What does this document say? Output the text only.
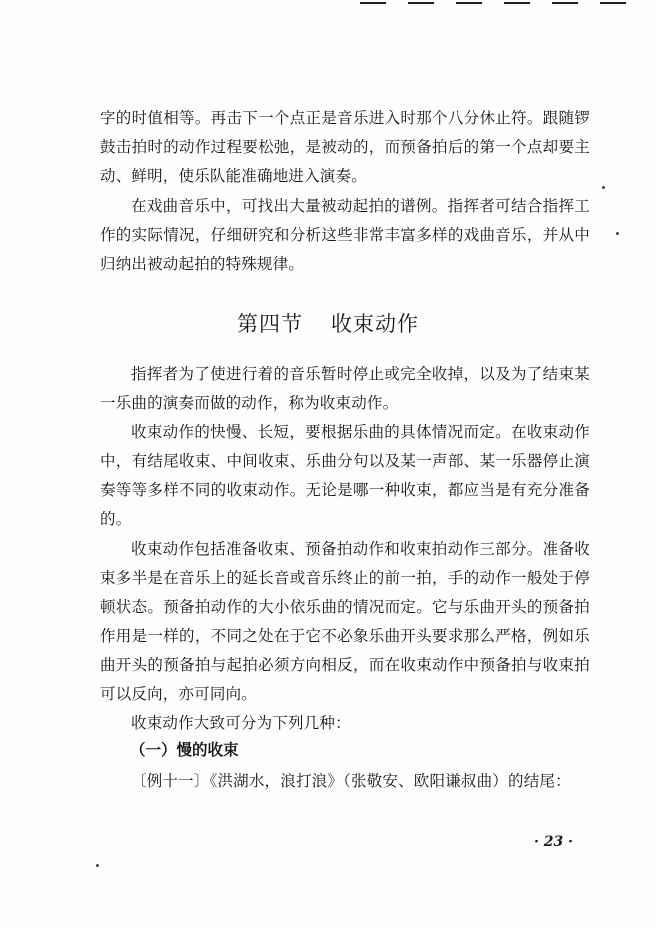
字的时值相等。再击下一个点正是音乐进入时那个八分休止符。跟随锣鼓击拍时的动作过程要松弛，是被动的，而预备拍后的第一个点却要主动、鲜明，使乐队能准确地进入演奏。

在戏曲音乐中，可找出大量被动起拍的谱例。指挥者可结合指挥工作的实际情况，仔细研究和分析这些非常丰富多样的戏曲音乐，并从中归纳出被动起拍的特殊规律。

第四节 收束动作

指挥者为了使进行着的音乐暂时停止或完全收掉，以及为了结束某一乐曲的演奏而做的动作，称为收束动作。

收束动作的快慢、长短，要根据乐曲的具体情况而定。在收束动作中，有结尾收束、中间收束、乐曲分句以及某一声部、某一乐器停止演奏等等多样不同的收束动作。无论是哪一种收束，都应当是有充分准备的。

收束动作包括准备收束、预备拍动作和收束拍动作三部分。准备收束多半是在音乐上的延长音或音乐终止的前一拍，手的动作一般处于停顿状态。预备拍动作的大小依乐曲的情况而定。它与乐曲开头的预备拍作用是一样的，不同之处在于它不必象乐曲开头要求那么严格，例如乐曲开头的预备拍与起拍必须方向相反，而在收束动作中预备拍与收束拍可以反向，亦可同向。

收束动作大致可分为下列几种：

（一）慢的收束

〔例十一〕《洪湖水，浪打浪》（张敬安、欧阳谦叔曲）的结尾：

· 23 ·
